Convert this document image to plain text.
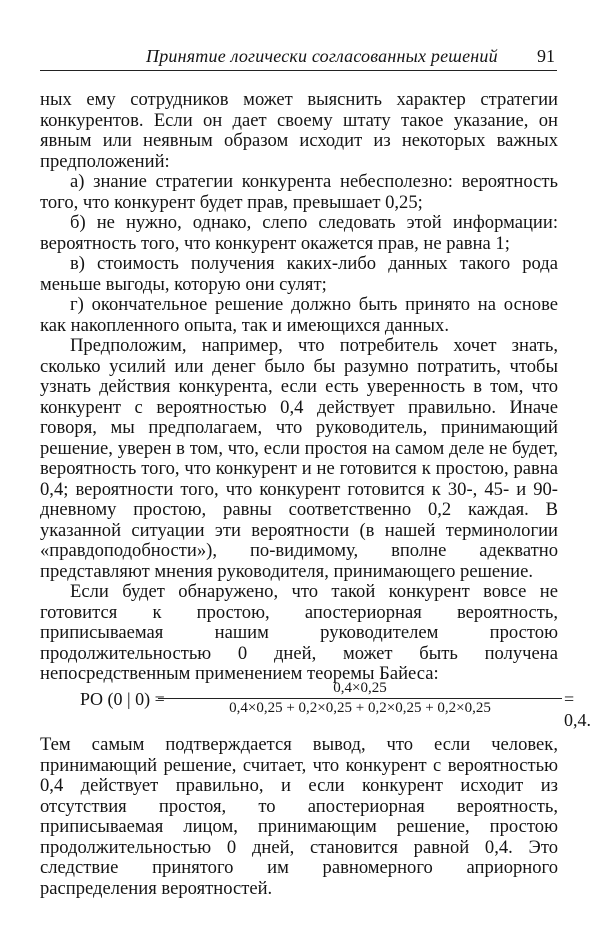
Принятие логически согласованных решений 91

ных ему сотрудников может выяснить характер стратегии конкурентов. Если он дает своему штату такое указание, он явным или неявным образом исходит из некоторых важных предположений:

а) знание стратегии конкурента небесполезно: вероятность того, что конкурент будет прав, превышает 0,25;

б) не нужно, однако, слепо следовать этой информации: вероятность того, что конкурент окажется прав, не равна 1;

в) стоимость получения каких-либо данных такого рода меньше выгоды, которую они сулят;

г) окончательное решение должно быть принято на основе как накопленного опыта, так и имеющихся данных.

Предположим, например, что потребитель хочет знать, сколько усилий или денег было бы разумно потратить, чтобы узнать действия конкурента, если есть уверенность в том, что конкурент с вероятностью 0,4 действует правильно. Иначе говоря, мы предполагаем, что руководитель, принимающий решение, уверен в том, что, если простоя на самом деле не будет, вероятность того, что конкурент и не готовится к простою, равна 0,4; вероятности того, что конкурент готовится к 30-, 45- и 90-дневному простою, равны соответственно 0,2 каждая. В указанной ситуации эти вероятности (в нашей терминологии «правдоподобности»), по-видимому, вполне адекватно представляют мнения руководителя, принимающего решение.

Если будет обнаружено, что такой конкурент вовсе не готовится к простою, апостериорная вероятность, приписываемая нашим руководителем простою продолжительностью 0 дней, может быть получена непосредственным применением теоремы Байеса:

PO (0 | 0) =
0,4×0,25
0,4×0,25 + 0,2×0,25 + 0,2×0,25 + 0,2×0,25	= 0,4.

Тем самым подтверждается вывод, что если человек, принимающий решение, считает, что конкурент с вероятностью 0,4 действует правильно, и если конкурент исходит из отсутствия простоя, то апостериорная вероятность, приписываемая лицом, принимающим решение, простою продолжительностью 0 дней, становится равной 0,4. Это следствие принятого им равномерного априорного распределения вероятностей.
